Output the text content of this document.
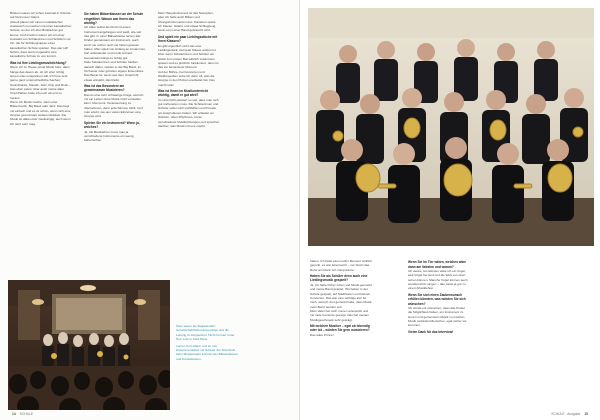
Bindern waren wir schon zweimal in Victoria auf Vancouver Island.

Aktuell planen wir einen musikalischen Austausch zu machen mit einer kanadischen Schule, an der ich drei Musiklehrer gut kenne. Und insofern waren wir mit einer Auswahl von Schülerinnen und Schülern vor Ort, die für Schülergruppen einer kanadischen Schule spielten. Das war toll! Schön, dass auch umgekehrt eine kanadische Schule zu uns kommt.

Was ist Ihre Lieblingsmusikrichtung?

Wenn ich zu Hause privat Musik höre, dann hänge das davon ab, ob ich eher richtig lernen oder entspannen will. Ich höre sehr gerne ganz unterschiedliche Sachen: Soundtracks, Klassik, Jazz, Pop und Rock – was eben passt. Aber auch meine alten Vinyl-Platten holte ich noch ab und zu heraus.

Wenn ich Musik mache, dann eher Bläsermusik, Big Band oder Jazz. Das liegt mir einfach und es ist schön, wenn sich eine Gruppe gemeinsam weiterentwickelt. Die Musik ist dabei eher zweitrangig, auch wenn ich Jazz sehr mag.

Sie haben Bläserklassen an der Schule eingeführt. Warum war Ihnen das wichtig?

Ich habe selbst als Kind mit einem Instrument angefangen und weiß, wie viel das gibt. In einer Bläserklasse lernen alle Kinder gemeinsam ein Instrument, auch wenn sie vorher noch nie Noten gelesen haben. Man spielt von Anfang an zusammen, hört aufeinander und merkt schnell: Gemeinsam klingt es richtig gut.

Viele Schülerinnen und Schüler bleiben danach dabei, spielen in der Big Band, im Orchester oder gründen eigene Ensembles. Das Beste ist, wenn aus dem Unterricht etwas entsteht, das bleibt.

Was ist das Besondere am gemeinsamen Musizieren?

Das ist eine sehr schwierige Frage, weil ich mir ein Leben ohne Musik nicht vorstellen kann. Man lernt, Verantwortung zu übernehmen, denn jede Stimme zählt. Und man erlebt, wie aus vielen Einzelnen eine Gruppe wird.

Spielen Sie ein Instrument? Wenn ja, welches?

Ja, als Musiklehrer muss man ja verschiedene Instrumente ein wenig beherrschen.

Mein Hauptinstrument ist das Saxophon, aber ich helfe auch Bläser und Übungsinstrumenten aus. Daneben spiele ich Klavier, Gitarre und etwas Schlagzeug, wenn es in einer Band gebraucht wird.

Und spielt ein paar Lieblingsstücke mit Ihren Klassen?

Es gibt eigentlich nicht das eine Lieblingsstück, weil jede Klasse anders ist. Aber wenn Schülerinnen und Schüler ein Stück zum ersten Mal wirklich zusammen spielen und es plötzlich funktioniert, dann ist das ein besonderer Moment.

Auf der Bühne, bei Konzerten und Wettbewerben sehe ich dann oft, was die Gruppe in den Proben erarbeitet hat. Das macht stolz.

Was ist Ihnen im Musikunterricht wichtig, damit er gut wird?

Im Unterricht passiert so viel, dass man sich gut vorbereiten muss. Die Schülerinnen und Schüler sollen sich wohlfühlen und Freude am Ausprobieren haben. Wir arbeiten an Stücken, üben Rhythmus, hören verschiedene Musikrichtungen und sprechen darüber, was Musik mit uns macht.

Über weiter die Begleitender: Gesellschaft/Schul-Ensembles und die Leitung im Doppelchor 'Nicht Formel' unter Herr Lutz in Feld-Haus.

Lehrer Timo Mann und im neu Zusammenarbeit mit Schüler der Oberstufe beim Musikprojekt Konzert der Bläserklassen und Kunststücken.

14 SCHULE

hatten. Ich hatte einen tollen Moment wirklich gerockt, es war lebensecht – nur durch das Rohe am Rock. Ich interpretiere...

Haben Sie als Schüler denn auch eine Lieblingsmusik gespielt?

Ja, ich hatte früher schon viel Musik gemacht und meine Band geleitet. Wir haben in der Schule gespielt, auf Stadtfesten und kleinen Konzerten. Das war eine wichtige Zeit für mich, weil ich dort gemerkt habe, dass Musik mein Beruf werden soll.

Mein Vater hat mich immer unterstützt und mir viele Konzerte gezeigt. Das hat meinen Musikgeschmack sehr geprägt.

Mit welchen Musiker – egal ob lebendig oder tot – würden Sie gern musizieren?

Das wäre Prince!

Wenn Sie im Tier wären, welches wäre dann am liebsten und warum?

Ich denke, am liebsten wäre ich ein Vogel, weil Vögel frei sind und die Welt von oben sehen können. Manche Vögel können auch wunderschön singen – das passt ja gut zu einem Musiklehrer.

Wenn Sie sich einen Zauberwunsch erfüllen könnten, was würden Sie sich wünschen?

Ich würde mir wünschen, dass alle Kinder die Möglichkeit haben, ein Instrument zu lernen und gemeinsam Musik zu machen. Musik verbindet Menschen, egal woher sie kommen.

Vielen Dank für das Interview!
SCHULE · Ausgabe 15
